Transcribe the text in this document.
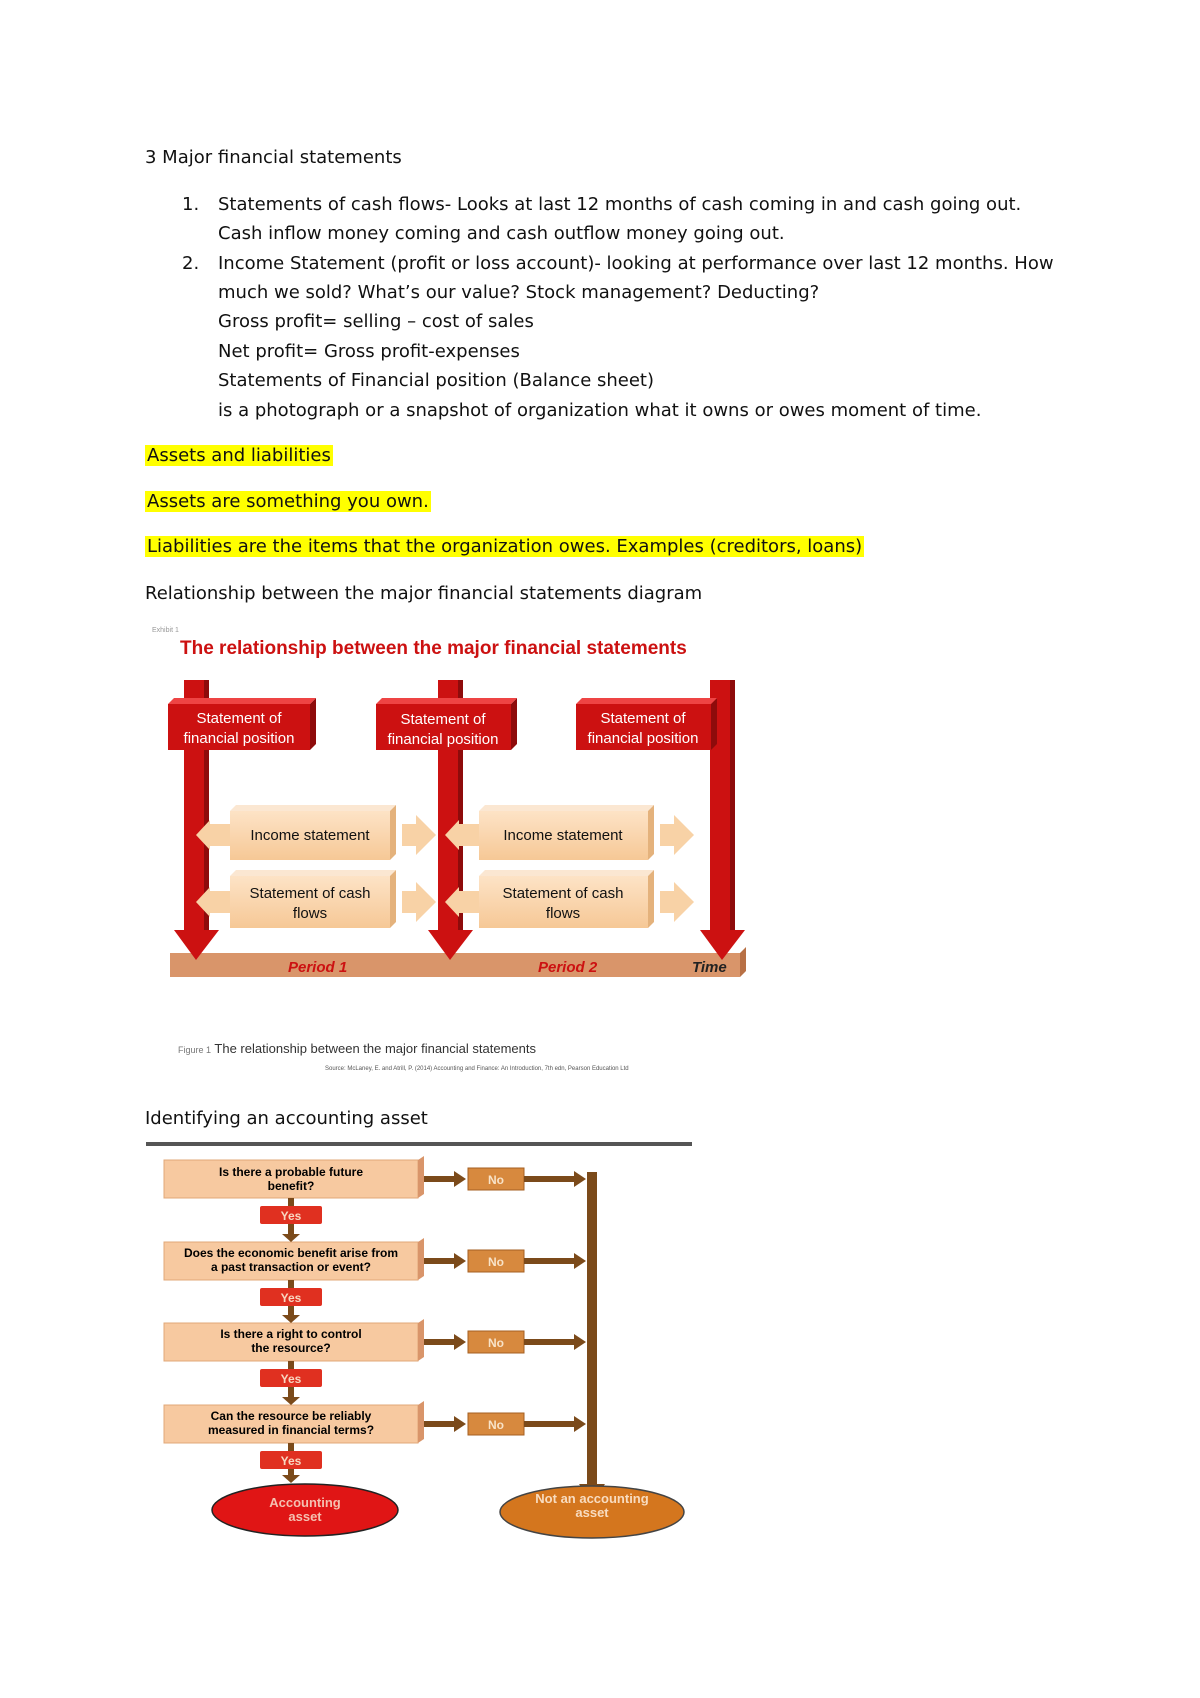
3 Major financial statements
1. Statements of cash flows- Looks at last 12 months of cash coming in and cash going out.
Cash inflow money coming and cash outflow money going out.
2. Income Statement (profit or loss account)- looking at performance over last 12 months. How
much we sold? What’s our value? Stock management? Deducting?
Gross profit= selling – cost of sales
Net profit= Gross profit-expenses
Statements of Financial position (Balance sheet)
is a photograph or a snapshot of organization what it owns or owes moment of time.
Assets and liabilities
Assets are something you own.
Liabilities are the items that the organization owes. Examples (creditors, loans)
Relationship between the major financial statements diagram
Exhibit 1
The relationship between the major financial statements
Period 1	Period 2	Time
Statement of
financial position
Statement of
financial position
Statement of
financial position
Income statement	Income statement
Statement of cash
flows
Statement of cash
flows
Figure 1 The relationship between the major financial statements
Source: McLaney, E. and Atrill, P. (2014) Accounting and Finance: An Introduction, 7th edn, Pearson Education Ltd
Identifying an accounting asset
Is there a probable future
benefit?
Does the economic benefit arise from
a past transaction or event?
Is there a right to control
the resource?
Can the resource be reliably
measured in financial terms?
Yes
Yes
Yes
Yes
No
No
No
No
Accounting
asset
Not an accounting
asset
